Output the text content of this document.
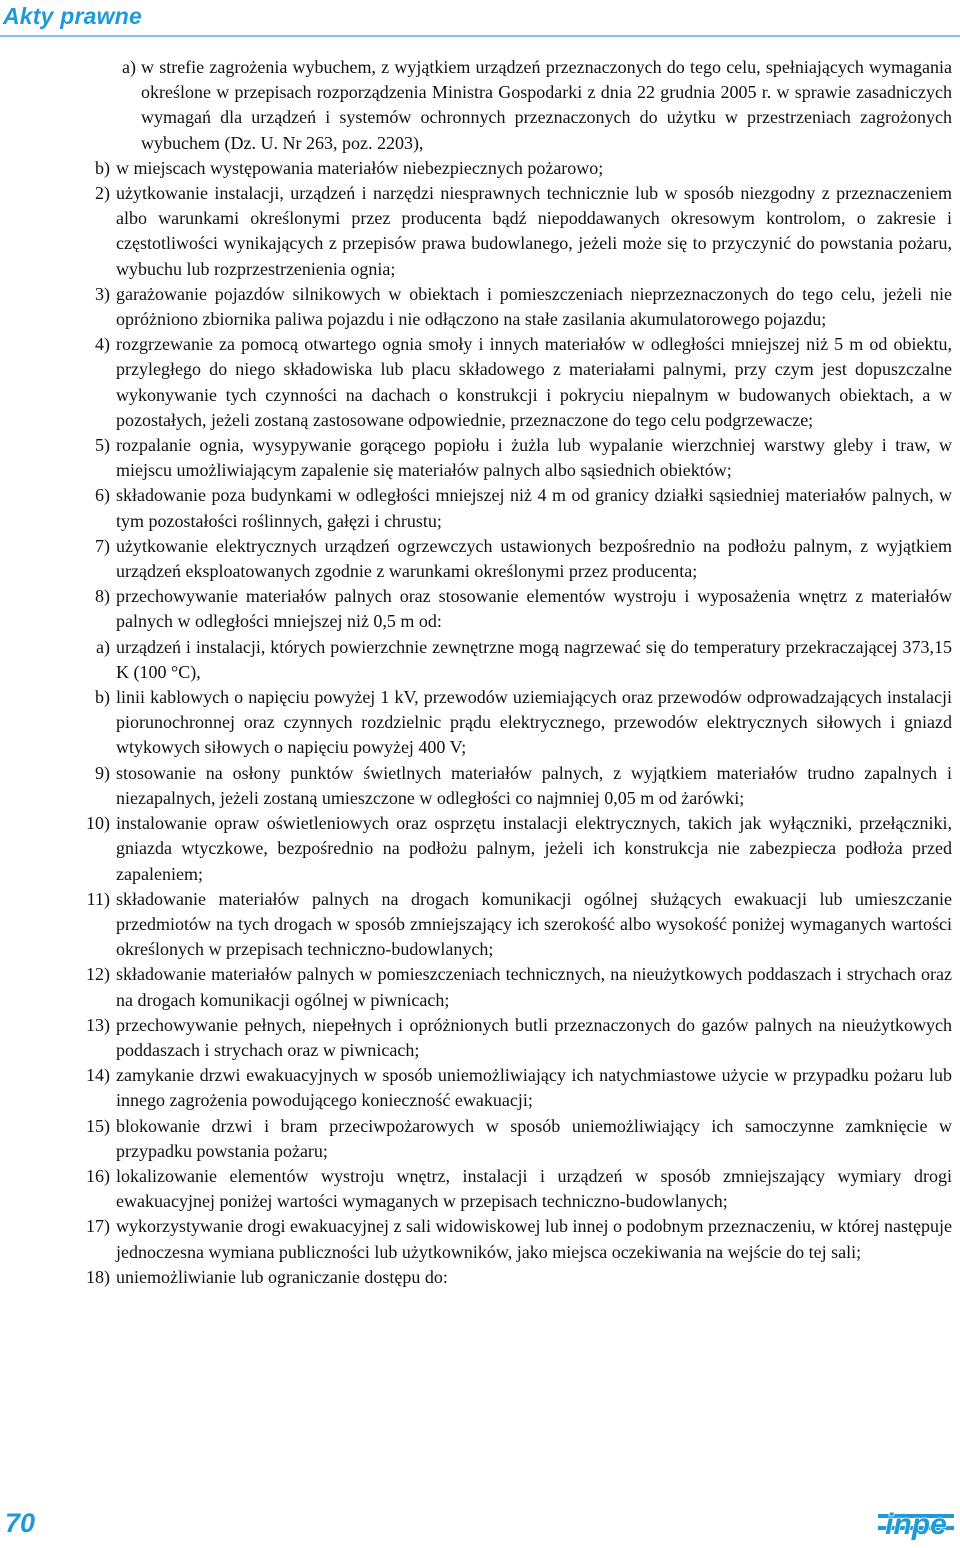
Akty prawne

a) w strefie zagrożenia wybuchem, z wyjątkiem urządzeń przeznaczonych do tego celu, spełniających wymagania określone w przepisach rozporządzenia Ministra Gospodarki z dnia 22 grudnia 2005 r. w sprawie zasadniczych wymagań dla urządzeń i systemów ochronnych przeznaczonych do użytku w przestrzeniach zagrożonych wybuchem (Dz. U. Nr 263, poz. 2203),

b) w miejscach występowania materiałów niebezpiecznych pożarowo;

2) użytkowanie instalacji, urządzeń i narzędzi niesprawnych technicznie lub w sposób niezgodny z przeznaczeniem albo warunkami określonymi przez producenta bądź niepoddawanych okresowym kontrolom, o zakresie i częstotliwości wynikających z przepisów prawa budowlanego, jeżeli może się to przyczynić do powstania pożaru, wybuchu lub rozprzestrzenienia ognia;

3) garażowanie pojazdów silnikowych w obiektach i pomieszczeniach nieprzeznaczonych do tego celu, jeżeli nie opróżniono zbiornika paliwa pojazdu i nie odłączono na stałe zasilania akumulatorowego pojazdu;

4) rozgrzewanie za pomocą otwartego ognia smoły i innych materiałów w odległości mniejszej niż 5 m od obiektu, przyległego do niego składowiska lub placu składowego z materiałami palnymi, przy czym jest dopuszczalne wykonywanie tych czynności na dachach o konstrukcji i pokryciu niepalnym w budowanych obiektach, a w pozostałych, jeżeli zostaną zastosowane odpowiednie, przeznaczone do tego celu podgrzewacze;

5) rozpalanie ognia, wysypywanie gorącego popiołu i żużla lub wypalanie wierzchniej warstwy gleby i traw, w miejscu umożliwiającym zapalenie się materiałów palnych albo sąsiednich obiektów;

6) składowanie poza budynkami w odległości mniejszej niż 4 m od granicy działki sąsiedniej materiałów palnych, w tym pozostałości roślinnych, gałęzi i chrustu;

7) użytkowanie elektrycznych urządzeń ogrzewczych ustawionych bezpośrednio na podłożu palnym, z wyjątkiem urządzeń eksploatowanych zgodnie z warunkami określonymi przez producenta;

8) przechowywanie materiałów palnych oraz stosowanie elementów wystroju i wyposażenia wnętrz z materiałów palnych w odległości mniejszej niż 0,5 m od:

a) urządzeń i instalacji, których powierzchnie zewnętrzne mogą nagrzewać się do temperatury przekraczającej 373,15 K (100 °C),

b) linii kablowych o napięciu powyżej 1 kV, przewodów uziemiających oraz przewodów odprowadzających instalacji piorunochronnej oraz czynnych rozdzielnic prądu elektrycznego, przewodów elektrycznych siłowych i gniazd wtykowych siłowych o napięciu powyżej 400 V;

9) stosowanie na osłony punktów świetlnych materiałów palnych, z wyjątkiem materiałów trudno zapalnych i niezapalnych, jeżeli zostaną umieszczone w odległości co najmniej 0,05 m od żarówki;

10) instalowanie opraw oświetleniowych oraz osprzętu instalacji elektrycznych, takich jak wyłączniki, przełączniki, gniazda wtyczkowe, bezpośrednio na podłożu palnym, jeżeli ich konstrukcja nie zabezpiecza podłoża przed zapaleniem;

11) składowanie materiałów palnych na drogach komunikacji ogólnej służących ewakuacji lub umieszczanie przedmiotów na tych drogach w sposób zmniejszający ich szerokość albo wysokość poniżej wymaganych wartości określonych w przepisach techniczno-budowlanych;

12) składowanie materiałów palnych w pomieszczeniach technicznych, na nieużytkowych poddaszach i strychach oraz na drogach komunikacji ogólnej w piwnicach;

13) przechowywanie pełnych, niepełnych i opróżnionych butli przeznaczonych do gazów palnych na nieużytkowych poddaszach i strychach oraz w piwnicach;

14) zamykanie drzwi ewakuacyjnych w sposób uniemożliwiający ich natychmiastowe użycie w przypadku pożaru lub innego zagrożenia powodującego konieczność ewakuacji;

15) blokowanie drzwi i bram przeciwpożarowych w sposób uniemożliwiający ich samoczynne zamknięcie w przypadku powstania pożaru;

16) lokalizowanie elementów wystroju wnętrz, instalacji i urządzeń w sposób zmniejszający wymiary drogi ewakuacyjnej poniżej wartości wymaganych w przepisach techniczno-budowlanych;

17) wykorzystywanie drogi ewakuacyjnej z sali widowiskowej lub innej o podobnym przeznaczeniu, w której następuje jednoczesna wymiana publiczności lub użytkowników, jako miejsca oczekiwania na wejście do tej sali;

18) uniemożliwianie lub ograniczanie dostępu do:

70	inpe
